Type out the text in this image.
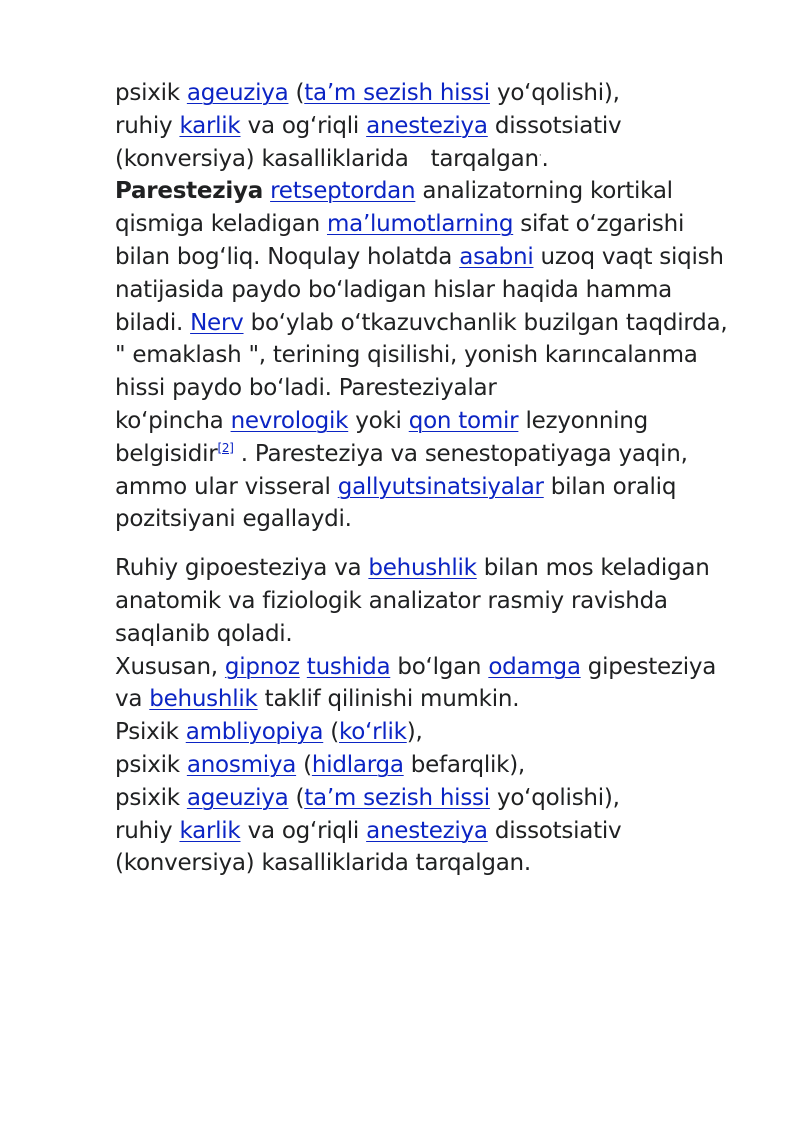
psixik ageuziya (ta’m sezish hissi yo‘qolishi),
ruhiy karlik va og‘riqli anesteziya dissotsiativ
(konversiya) kasalliklarida tarqalgan·.
Paresteziya retseptordan analizatorning kortikal
qismiga keladigan ma’lumotlarning sifat o‘zgarishi
bilan bog‘liq. Noqulay holatda asabni uzoq vaqt siqish
natijasida paydo bo‘ladigan hislar haqida hamma
biladi. Nerv bo‘ylab o‘tkazuvchanlik buzilgan taqdirda,
" emaklash ", terining qisilishi, yonish karıncalanma
hissi paydo bo‘ladi. Paresteziyalar
ko‘pincha nevrologik yoki qon tomir lezyonning
belgisidir[2] . Paresteziya va senestopatiyaga yaqin,
ammo ular visseral gallyutsinatsiyalar bilan oraliq
pozitsiyani egallaydi.

Ruhiy gipoesteziya va behushlik bilan mos keladigan
anatomik va fiziologik analizator rasmiy ravishda
saqlanib qoladi.
Xususan, gipnoz tushida bo‘lgan odamga gipesteziya
va behushlik taklif qilinishi mumkin.
Psixik ambliyopiya (ko‘rlik),
psixik anosmiya (hidlarga befarqlik),
psixik ageuziya (ta’m sezish hissi yo‘qolishi),
ruhiy karlik va og‘riqli anesteziya dissotsiativ
(konversiya) kasalliklarida tarqalgan.
